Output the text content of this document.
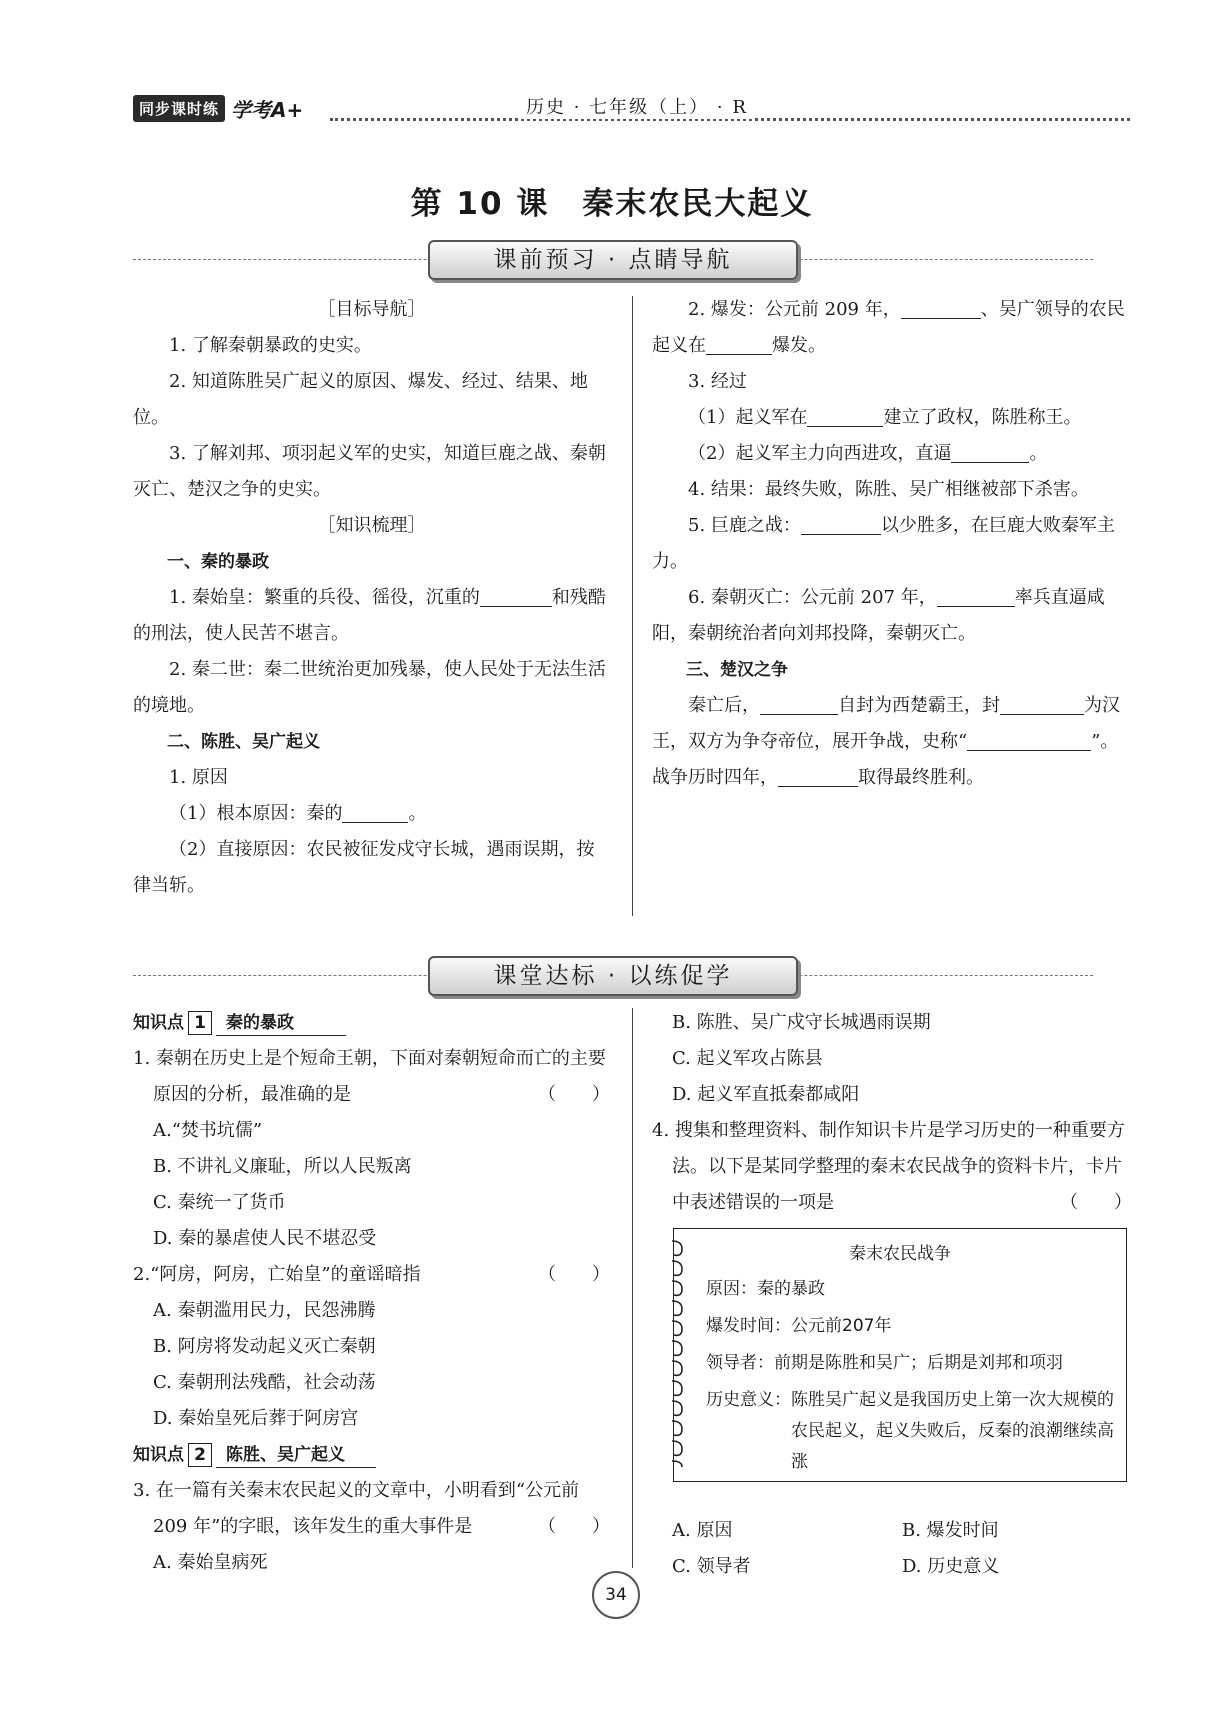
同步课时练 学考A+	历史 · 七年级（上） · R
第 10 课　秦末农民大起义
课前预习 · 点睛导航

［目标导航］

1. 了解秦朝暴政的史实。

2. 知道陈胜吴广起义的原因、爆发、经过、结果、地位。

3. 了解刘邦、项羽起义军的史实，知道巨鹿之战、秦朝灭亡、楚汉之争的史实。

［知识梳理］

一、秦的暴政

1. 秦始皇：繁重的兵役、徭役，沉重的	和残酷的刑法，使人民苦不堪言。

2. 秦二世：秦二世统治更加残暴，使人民处于无法生活的境地。

二、陈胜、吴广起义

1. 原因

（1）根本原因：秦的	。

（2）直接原因：农民被征发戍守长城，遇雨误期，按律当斩。

2. 爆发：公元前 209 年，	、吴广领导的农民起义在	爆发。

3. 经过

（1）起义军在	建立了政权，陈胜称王。

（2）起义军主力向西进攻，直逼	。

4. 结果：最终失败，陈胜、吴广相继被部下杀害。

5. 巨鹿之战：	以少胜多，在巨鹿大败秦军主力。

6. 秦朝灭亡：公元前 207 年，	率兵直逼咸阳，秦朝统治者向刘邦投降，秦朝灭亡。

三、楚汉之争

秦亡后，	自封为西楚霸王，封	为汉王，双方为争夺帝位，展开争战，史称“	”。战争历时四年，	取得最终胜利。

课堂达标 · 以练促学

知识点 1 秦的暴政

1. 秦朝在历史上是个短命王朝，下面对秦朝短命而亡的主要原因的分析，最准确的是	（　　）

A.“焚书坑儒”

B. 不讲礼义廉耻，所以人民叛离

C. 秦统一了货币

D. 秦的暴虐使人民不堪忍受

2.“阿房，阿房，亡始皇”的童谣暗指	（　　）

A. 秦朝滥用民力，民怨沸腾

B. 阿房将发动起义灭亡秦朝

C. 秦朝刑法残酷，社会动荡

D. 秦始皇死后葬于阿房宫

知识点 2 陈胜、吴广起义

3. 在一篇有关秦末农民起义的文章中，小明看到“公元前 209 年”的字眼，该年发生的重大事件是	（　　）

A. 秦始皇病死

B. 陈胜、吴广戍守长城遇雨误期

C. 起义军攻占陈县

D. 起义军直抵秦都咸阳

4. 搜集和整理资料、制作知识卡片是学习历史的一种重要方法。以下是某同学整理的秦末农民战争的资料卡片，卡片中表述错误的一项是	（　　）

秦末农民战争
原因： 秦的暴政
爆发时间： 公元前207年
领导者： 前期是陈胜和吴广；后期是刘邦和项羽
历史意义： 陈胜吴广起义是我国历史上第一次大规模的农民起义，起义失败后，反秦的浪潮继续高涨

A. 原因

C. 领导者

B. 爆发时间

D. 历史意义

34
